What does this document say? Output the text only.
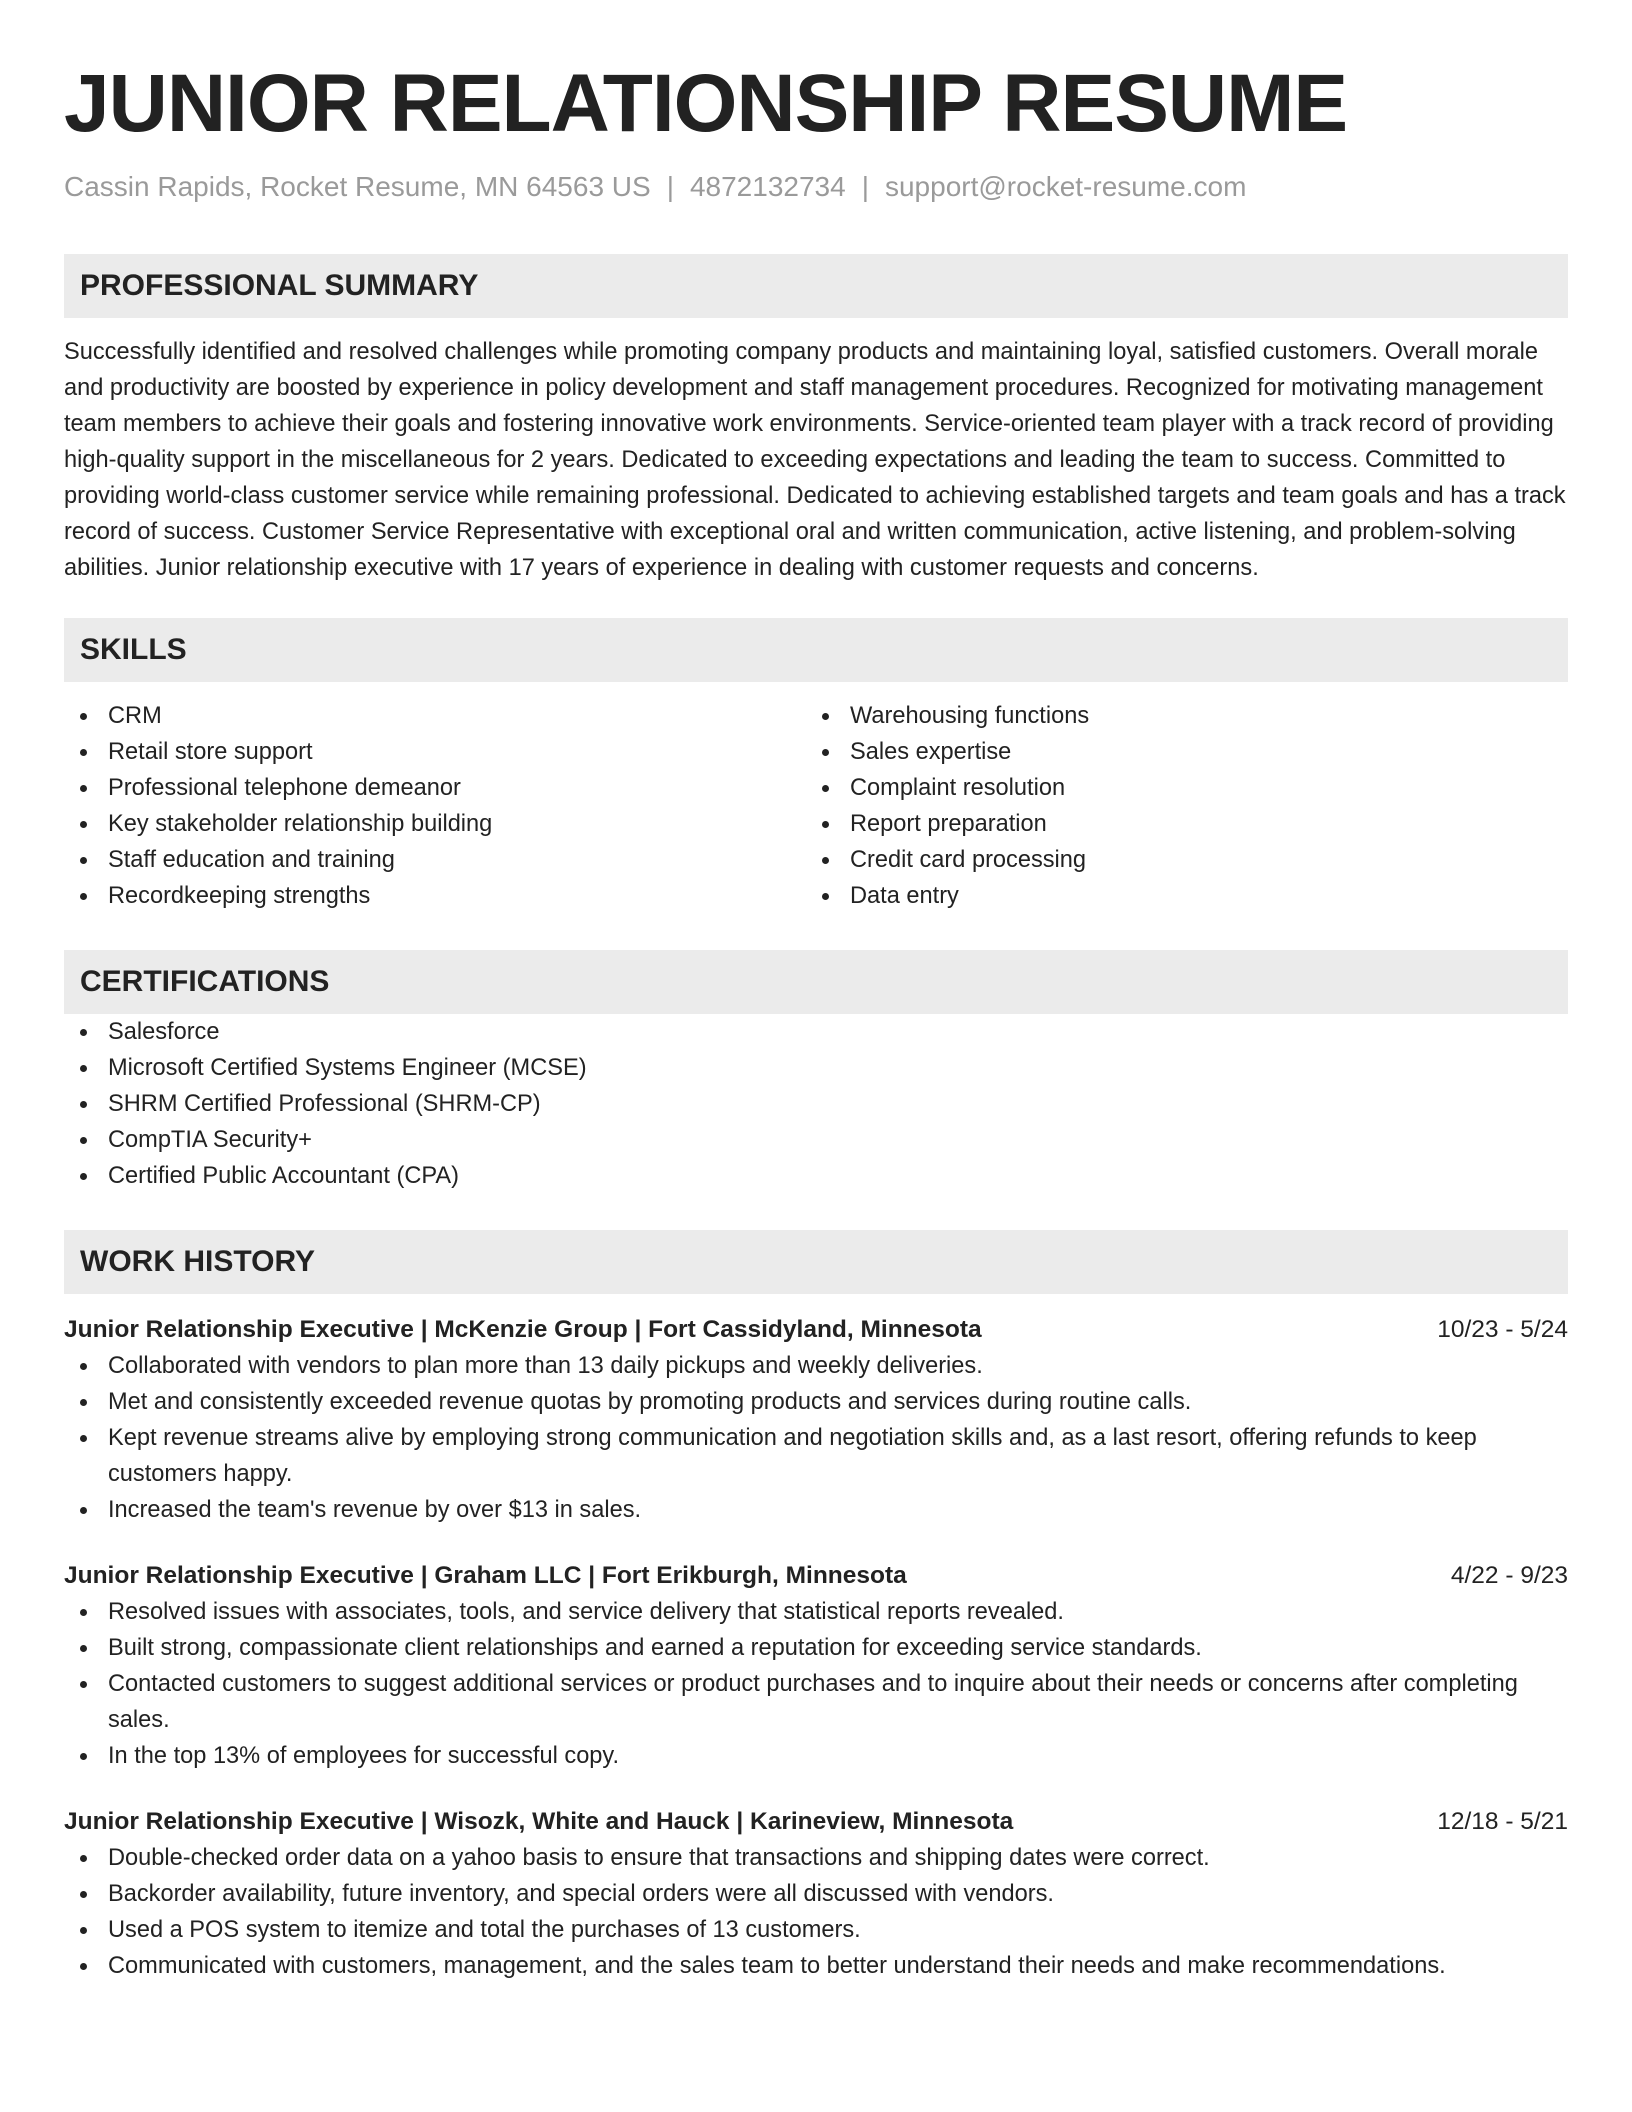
JUNIOR RELATIONSHIP RESUME
Cassin Rapids, Rocket Resume, MN 64563 US | 4872132734 | support@rocket-resume.com
PROFESSIONAL SUMMARY

Successfully identified and resolved challenges while promoting company products and maintaining loyal, satisfied customers. Overall morale and productivity are boosted by experience in policy development and staff management procedures. Recognized for motivating management team members to achieve their goals and fostering innovative work environments. Service-oriented team player with a track record of providing high-quality support in the miscellaneous for 2 years. Dedicated to exceeding expectations and leading the team to success. Committed to providing world-class customer service while remaining professional. Dedicated to achieving established targets and team goals and has a track record of success. Customer Service Representative with exceptional oral and written communication, active listening, and problem-solving abilities. Junior relationship executive with 17 years of experience in dealing with customer requests and concerns.

SKILLS
CRM
Retail store support
Professional telephone demeanor
Key stakeholder relationship building
Staff education and training
Recordkeeping strengths
Warehousing functions
Sales expertise
Complaint resolution
Report preparation
Credit card processing
Data entry
CERTIFICATIONS
Salesforce
Microsoft Certified Systems Engineer (MCSE)
SHRM Certified Professional (SHRM-CP)
CompTIA Security+
Certified Public Accountant (CPA)
WORK HISTORY
Junior Relationship Executive | McKenzie Group | Fort Cassidyland, Minnesota	10/23 - 5/24
Collaborated with vendors to plan more than 13 daily pickups and weekly deliveries.
Met and consistently exceeded revenue quotas by promoting products and services during routine calls.
Kept revenue streams alive by employing strong communication and negotiation skills and, as a last resort, offering refunds to keep customers happy.
Increased the team's revenue by over $13 in sales.
Junior Relationship Executive | Graham LLC | Fort Erikburgh, Minnesota	4/22 - 9/23
Resolved issues with associates, tools, and service delivery that statistical reports revealed.
Built strong, compassionate client relationships and earned a reputation for exceeding service standards.
Contacted customers to suggest additional services or product purchases and to inquire about their needs or concerns after completing sales.
In the top 13% of employees for successful copy.
Junior Relationship Executive | Wisozk, White and Hauck | Karineview, Minnesota	12/18 - 5/21
Double-checked order data on a yahoo basis to ensure that transactions and shipping dates were correct.
Backorder availability, future inventory, and special orders were all discussed with vendors.
Used a POS system to itemize and total the purchases of 13 customers.
Communicated with customers, management, and the sales team to better understand their needs and make recommendations.
